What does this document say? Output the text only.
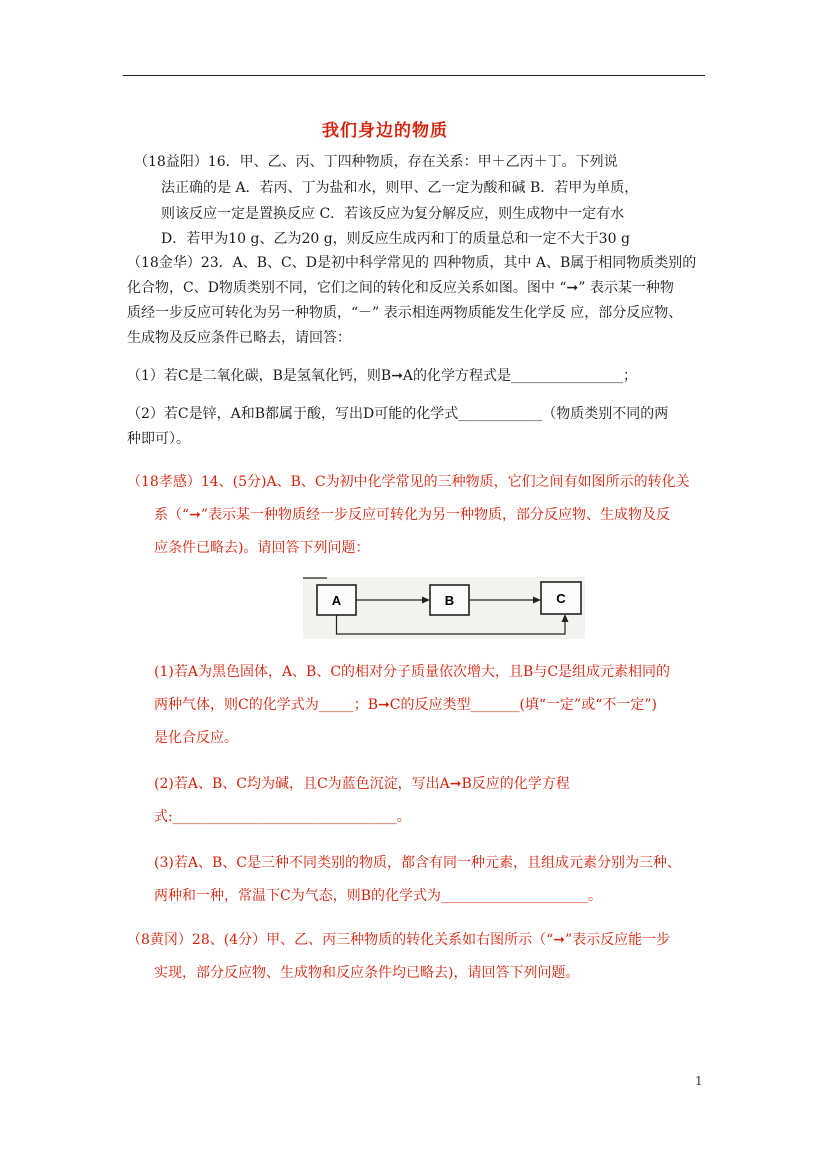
我们身边的物质
（18益阳）16．甲、乙、丙、丁四种物质，存在关系：甲＋乙丙＋丁。下列说
法正确的是 A．若丙、丁为盐和水，则甲、乙一定为酸和碱 B．若甲为单质，
则该反应一定是置换反应 C．若该反应为复分解反应，则生成物中一定有水
D．若甲为10 g、乙为20 g，则反应生成丙和丁的质量总和一定不大于30 g
（18金华）23．A、B、C、D是初中科学常见的 四种物质，其中 A、B属于相同物质类别的
化合物，C、D物质类别不同，它们之间的转化和反应关系如图。图中 “➞” 表示某一种物
质经一步反应可转化为另一种物质，“－” 表示相连两物质能发生化学反 应，部分反应物、
生成物及反应条件已略去，请回答：
（1）若C是二氧化碳，B是氢氧化钙，则B➞A的化学方程式是________________；
（2）若C是锌，A和B都属于酸，写出D可能的化学式____________（物质类别不同的两
种即可）。
（18孝感）14、(5分)A、B、C为初中化学常见的三种物质，它们之间有如图所示的转化关
系（“➞”表示某一种物质经一步反应可转化为另一种物质，部分反应物、生成物及反
应条件已略去)。请回答下列问题：
A	B	C
(1)若A为黑色固体，A、B、C的相对分子质量依次增大，且B与C是组成元素相同的
两种气体，则C的化学式为_____；B➞C的反应类型_______(填“一定”或“不一定”)
是化合反应。
(2)若A、B、C均为碱，且C为蓝色沉淀，写出A➞B反应的化学方程
式:________________________________。
(3)若A、B、C是三种不同类别的物质，都含有同一种元素，且组成元素分别为三种、
两种和一种，常温下C为气态，则B的化学式为_____________________。
（8黄冈）28、(4分）甲、乙、丙三种物质的转化关系如右图所示（“➞”表示反应能一步
实现，部分反应物、生成物和反应条件均已略去)，请回答下列问题。
1
